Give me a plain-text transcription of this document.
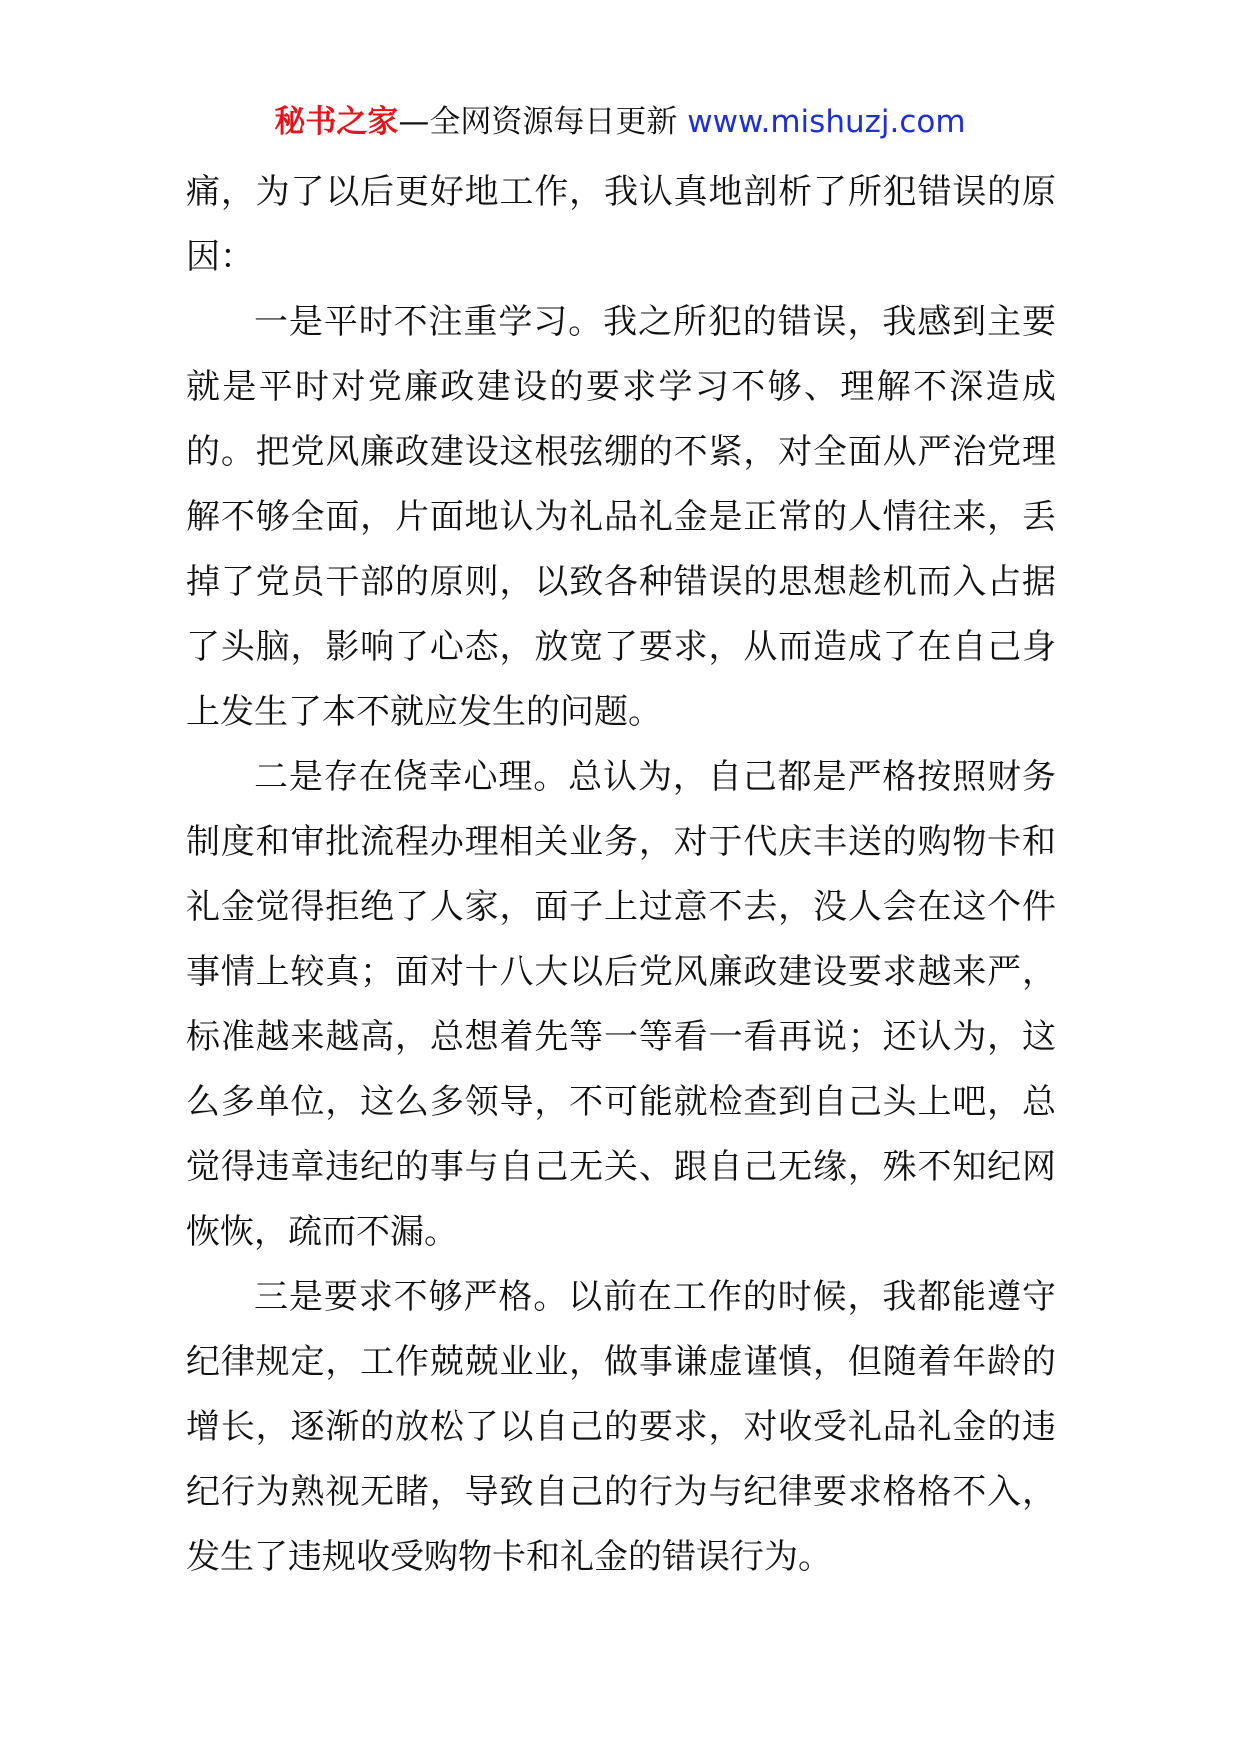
秘书之家—全网资源每日更新 www.mishuzj.com

痛，为了以后更好地工作，我认真地剖析了所犯错误的原因：

一是平时不注重学习。我之所犯的错误，我感到主要就是平时对党廉政建设的要求学习不够、理解不深造成的。把党风廉政建设这根弦绷的不紧，对全面从严治党理解不够全面，片面地认为礼品礼金是正常的人情往来，丢掉了党员干部的原则，以致各种错误的思想趁机而入占据了头脑，影响了心态，放宽了要求，从而造成了在自己身上发生了本不就应发生的问题。

二是存在侥幸心理。总认为，自己都是严格按照财务制度和审批流程办理相关业务，对于代庆丰送的购物卡和礼金觉得拒绝了人家，面子上过意不去，没人会在这个件事情上较真；面对十八大以后党风廉政建设要求越来严，标准越来越高，总想着先等一等看一看再说；还认为，这么多单位，这么多领导，不可能就检查到自己头上吧，总觉得违章违纪的事与自己无关、跟自己无缘，殊不知纪网恢恢，疏而不漏。

三是要求不够严格。以前在工作的时候，我都能遵守纪律规定，工作兢兢业业，做事谦虚谨慎，但随着年龄的增长，逐渐的放松了以自己的要求，对收受礼品礼金的违纪行为熟视无睹，导致自己的行为与纪律要求格格不入，发生了违规收受购物卡和礼金的错误行为。
